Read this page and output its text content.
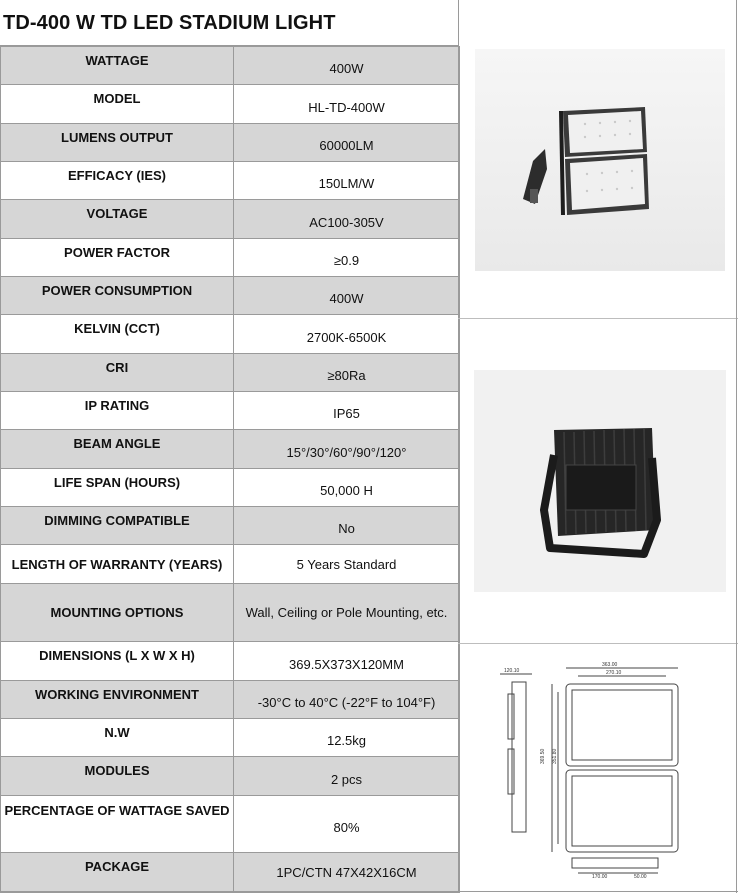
TD-400 W TD LED STADIUM LIGHT
WATTAGE	400W
MODEL	HL-TD-400W
LUMENS OUTPUT	60000LM
EFFICACY (IES)	150LM/W
VOLTAGE	AC100-305V
POWER FACTOR	≥0.9
POWER CONSUMPTION	400W
KELVIN (CCT)	2700K-6500K
CRI	≥80Ra
IP RATING	IP65
BEAM ANGLE	15°/30°/60°/90°/120°
LIFE SPAN (HOURS)	50,000 H
DIMMING COMPATIBLE	No
LENGTH OF WARRANTY (YEARS)	5 Years Standard
MOUNTING OPTIONS	Wall, Ceiling or Pole Mounting, etc.
DIMENSIONS (L X W X H)	369.5X373X120MM
WORKING ENVIRONMENT	-30°C to 40°C (-22°F to 104°F)
N.W	12.5kg
MODULES	2 pcs
PERCENTAGE OF WATTAGE SAVED	80%
PACKAGE	1PC/CTN 47X42X16CM
363.00
270.10
120.10
369.50 351.80
170.00	50.00
